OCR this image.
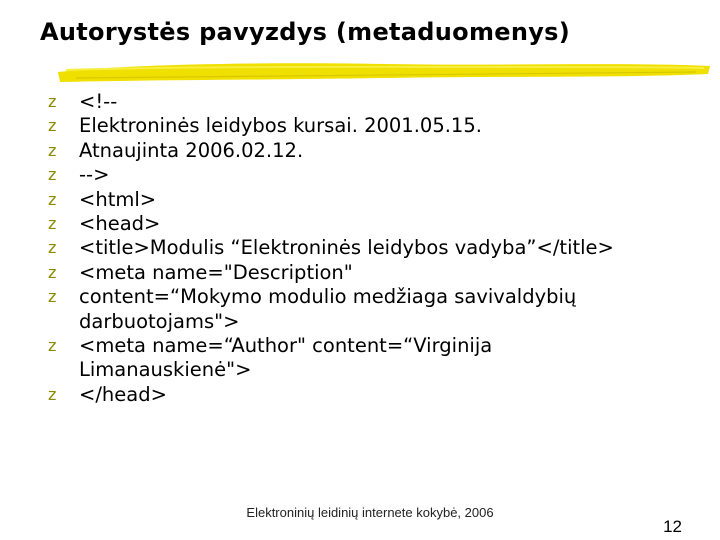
Autorystės pavyzdys (metaduomenys)
z	<!--
z	Elektroninės leidybos kursai. 2001.05.15.
z	Atnaujinta 2006.02.12.
z	-->
z	<html>
z	<head>
z	<title>Modulis “Elektroninės leidybos vadyba”</title>
z	<meta name="Description"
z	content=“Mokymo modulio medžiaga savivaldybių
darbuotojams">
z	<meta name=“Author" content=“Virginija
Limanauskienė">
z	</head>
Elektroninių leidinių internete kokybė, 2006
12
